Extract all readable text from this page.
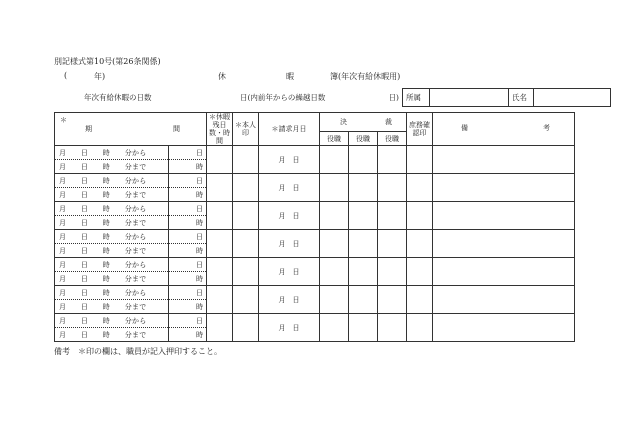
別記様式第10号(第26条関係)
(	年)	休	暇	簿(年次有給休暇用)
年次有給休暇の日数	日(内前年からの繰越日数	日)	所属		氏名	
＊
期 間		＊休暇残日数・時間	＊本人印	＊請求月日	決 裁			庶務確認印	備 考

					役職	役職	役職		
月　　日　　時　　分から	日			月　日					
月　　日　　時　　分まで	時								
月　　日　　時　　分から	日			月　日					
月　　日　　時　　分まで	時								
月　　日　　時　　分から	日			月　日					
月　　日　　時　　分まで	時								
月　　日　　時　　分から	日			月　日					
月　　日　　時　　分まで	時								
月　　日　　時　　分から	日			月　日					
月　　日　　時　　分まで	時								
月　　日　　時　　分から	日			月　日					
月　　日　　時　　分まで	時								
月　　日　　時　　分から	日			月　日					
月　　日　　時　　分まで	時								
備考　＊印の欄は、職員が記入押印すること。
